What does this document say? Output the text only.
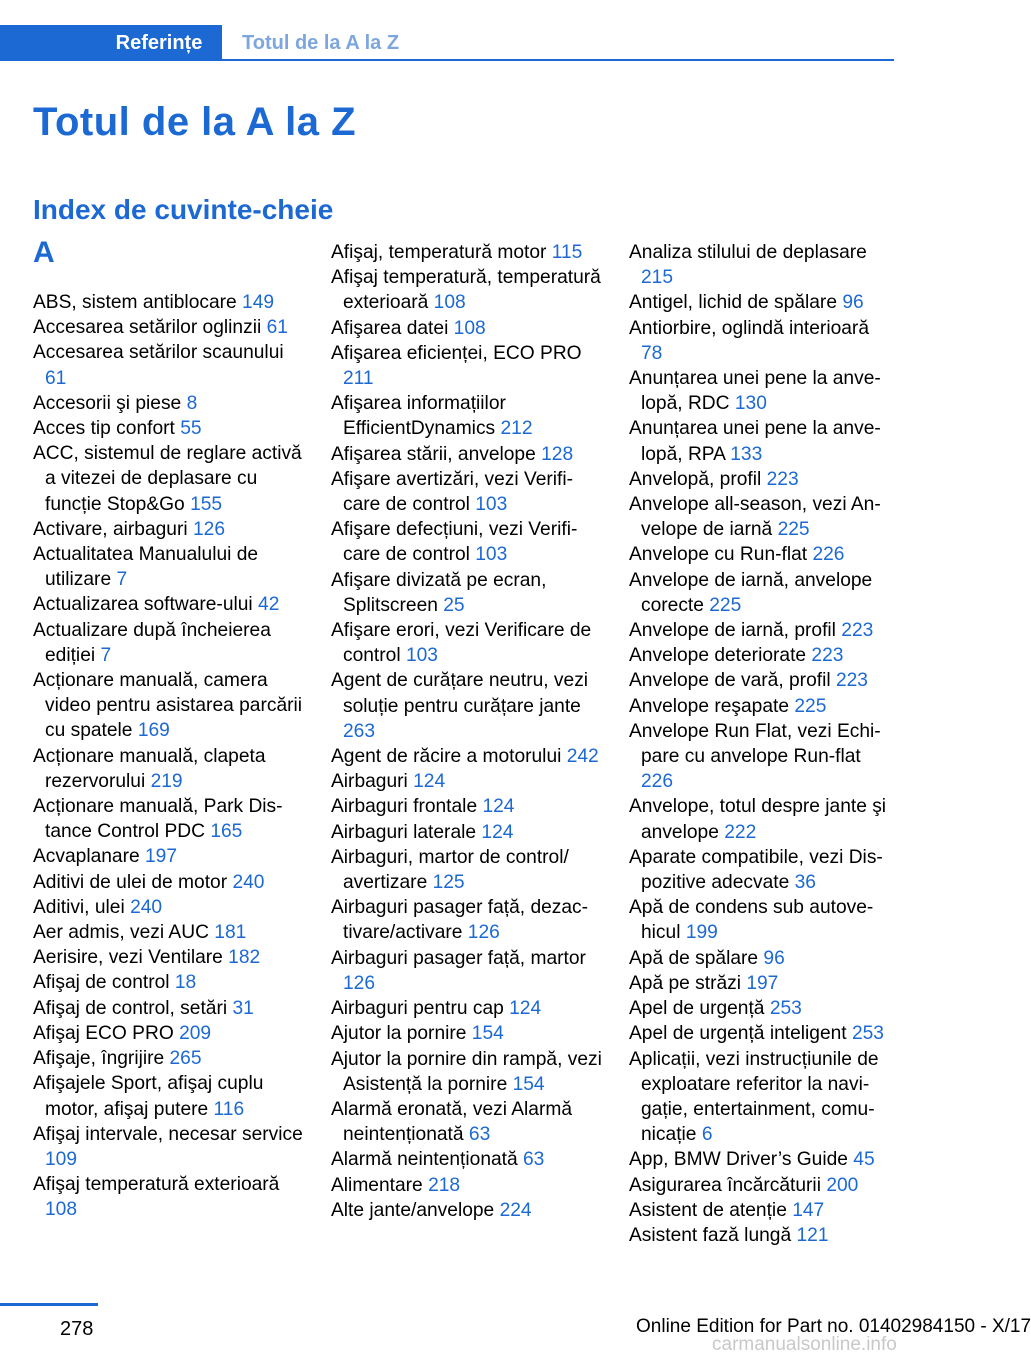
Referințe	Totul de la A la Z
Totul de la A la Z
Index de cuvinte-cheie
A
ABS, sistem antiblocare 149
Accesarea setărilor oglinzii 61
Accesarea setărilor scaunului 61
Accesorii şi piese 8
Acces tip confort 55
ACC, sistemul de reglare activă a vitezei de deplasare cu funcție Stop&Go 155
Activare, airbaguri 126
Actualitatea Manualului de utilizare 7
Actualizarea software-ului 42
Actualizare după încheierea ediției 7
Acționare manuală, camera video pentru asistarea parcării cu spatele 169
Acționare manuală, clapeta rezervorului 219
Acționare manuală, Park Distance Control PDC 165
Acvaplanare 197
Aditivi de ulei de motor 240
Aditivi, ulei 240
Aer admis, vezi AUC 181
Aerisire, vezi Ventilare 182
Afişaj de control 18
Afişaj de control, setări 31
Afişaj ECO PRO 209
Afişaje, îngrijire 265
Afişajele Sport, afişaj cuplu motor, afişaj putere 116
Afişaj intervale, necesar service 109
Afişaj temperatură exterioară 108
Afişaj, temperatură motor 115
Afişaj temperatură, temperatură exterioară 108
Afişarea datei 108
Afişarea eficienței, ECO PRO 211
Afişarea informațiilor EfficientDynamics 212
Afişarea stării, anvelope 128
Afişare avertizări, vezi Verificare de control 103
Afişare defecțiuni, vezi Verificare de control 103
Afişare divizată pe ecran, Splitscreen 25
Afişare erori, vezi Verificare de control 103
Agent de curățare neutru, vezi soluție pentru curățare jante 263
Agent de răcire a motorului 242
Airbaguri 124
Airbaguri frontale 124
Airbaguri laterale 124
Airbaguri, martor de control/ avertizare 125
Airbaguri pasager față, dezactivare/activare 126
Airbaguri pasager față, martor 126
Airbaguri pentru cap 124
Ajutor la pornire 154
Ajutor la pornire din rampă, vezi Asistență la pornire 154
Alarmă eronată, vezi Alarmă neintenționată 63
Alarmă neintenționată 63
Alimentare 218
Alte jante/anvelope 224
Analiza stilului de deplasare 215
Antigel, lichid de spălare 96
Antiorbire, oglindă interioară 78
Anunțarea unei pene la anvelopă, RDC 130
Anunțarea unei pene la anvelopă, RPA 133
Anvelopă, profil 223
Anvelope all-season, vezi Anvelope de iarnă 225
Anvelope cu Run-flat 226
Anvelope de iarnă, anvelope corecte 225
Anvelope de iarnă, profil 223
Anvelope deteriorate 223
Anvelope de vară, profil 223
Anvelope reşapate 225
Anvelope Run Flat, vezi Echipare cu anvelope Run-flat 226
Anvelope, totul despre jante şi anvelope 222
Aparate compatibile, vezi Dispozitive adecvate 36
Apă de condens sub autovehicul 199
Apă de spălare 96
Apă pe străzi 197
Apel de urgență 253
Apel de urgență inteligent 253
Aplicații, vezi instrucțiunile de exploatare referitor la navigație, entertainment, comunicație 6
App, BMW Driver’s Guide 45
Asigurarea încărcăturii 200
Asistent de atenție 147
Asistent fază lungă 121
278	Online Edition for Part no. 01402984150 - X/17
carmanualsonline.info
